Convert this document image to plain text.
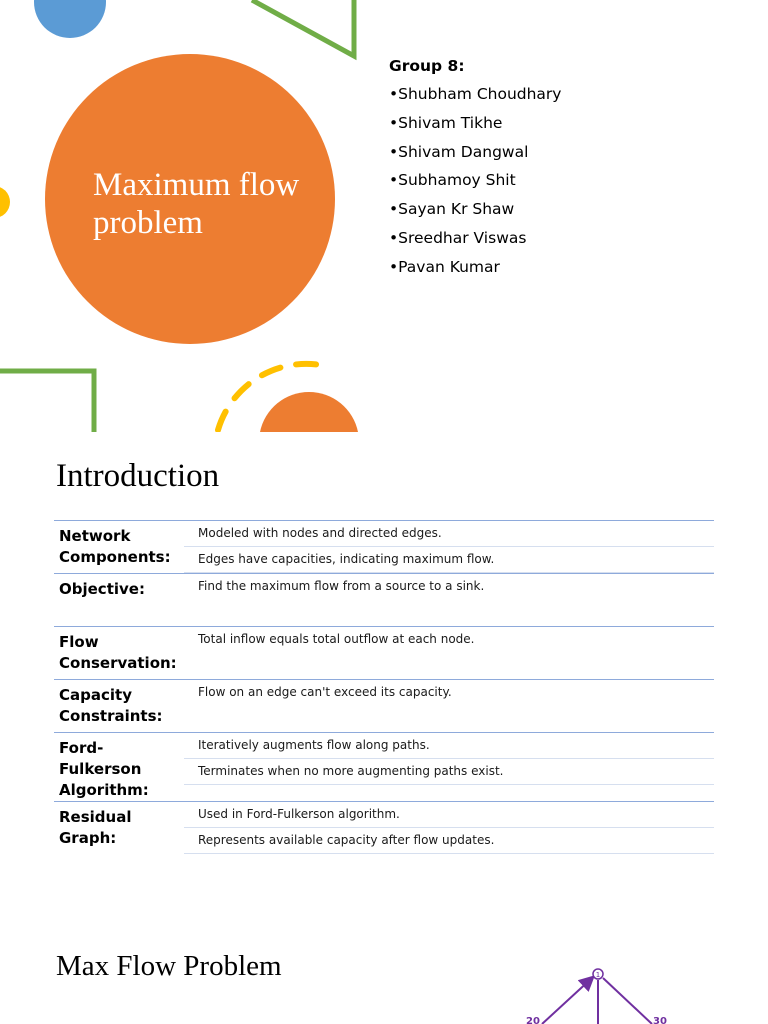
Maximum flow problem
Group 8:
•Shubham Choudhary
•Shivam Tikhe
•Shivam Dangwal
•Subhamoy Shit
•Sayan Kr Shaw
•Sreedhar Viswas
•Pavan Kumar
Introduction
Network Components:
Modeled with nodes and directed edges.
Edges have capacities, indicating maximum flow.
Objective:	Find the maximum flow from a source to a sink.
Flow Conservation:
Total inflow equals total outflow at each node.
Capacity Constraints:
Flow on an edge can't exceed its capacity.
Ford-Fulkerson Algorithm:
Iteratively augments flow along paths.
Terminates when no more augmenting paths exist.
Residual Graph:
Used in Ford-Fulkerson algorithm.
Represents available capacity after flow updates.
Max Flow Problem	1
20	30
